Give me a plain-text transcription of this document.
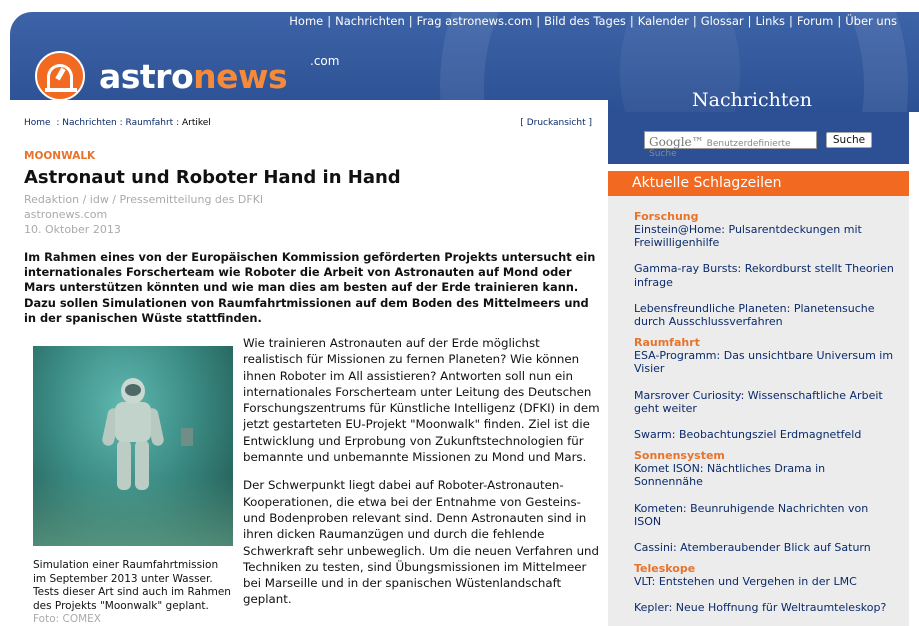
Home | Nachrichten | Frag astronews.com | Bild des Tages | Kalender | Glossar | Links | Forum | Über uns
astronews .com
Nachrichten
Home  : Nachrichten : Raumfahrt : Artikel	[ Druckansicht ]
MOONWALK
Astronaut und Roboter Hand in Hand
Redaktion / idw / Pressemitteilung des DFKI
astronews.com
10. Oktober 2013

Im Rahmen eines von der Europäischen Kommission geförderten Projekts untersucht ein internationales Forscherteam wie Roboter die Arbeit von Astronauten auf Mond oder Mars unterstützen könnten und wie man dies am besten auf der Erde trainieren kann. Dazu sollen Simulationen von Raumfahrtmissionen auf dem Boden des Mittelmeers und in der spanischen Wüste stattfinden.

Simulation einer Raumfahrtmission im September 2013 unter Wasser. Tests dieser Art sind auch im Rahmen des Projekts "Moonwalk" geplant. Foto: COMEX

Wie trainieren Astronauten auf der Erde möglichst realistisch für Missionen zu fernen Planeten? Wie können ihnen Roboter im All assistieren? Antworten soll nun ein internationales Forscherteam unter Leitung des Deutschen Forschungszentrums für Künstliche Intelligenz (DFKI) in dem jetzt gestarteten EU-Projekt "Moonwalk" finden. Ziel ist die Entwicklung und Erprobung von Zukunftstechnologien für bemannte und unbemannte Missionen zu Mond und Mars.

Der Schwerpunkt liegt dabei auf Roboter-Astronauten-Kooperationen, die etwa bei der Entnahme von Gesteins- und Bodenproben relevant sind. Denn Astronauten sind in ihren dicken Raumanzügen und durch die fehlende Schwerkraft sehr unbeweglich. Um die neuen Verfahren und Techniken zu testen, sind Übungsmissionen im Mittelmeer bei Marseille und in der spanischen Wüstenlandschaft geplant.

Google™ Benutzerdefinierte Suche
Suche
Aktuelle Schlagzeilen
Forschung
Einstein@Home: Pulsarentdeckungen mit Freiwilligenhilfe
Gamma-ray Bursts: Rekordburst stellt Theorien infrage
Lebensfreundliche Planeten: Planetensuche durch Ausschlussverfahren
Raumfahrt
ESA-Programm: Das unsichtbare Universum im Visier
Marsrover Curiosity: Wissenschaftliche Arbeit geht weiter
Swarm: Beobachtungsziel Erdmagnetfeld
Sonnensystem
Komet ISON: Nächtliches Drama in Sonnennähe
Kometen: Beunruhigende Nachrichten von ISON
Cassini: Atemberaubender Blick auf Saturn
Teleskope
VLT: Entstehen und Vergehen in der LMC
Kepler: Neue Hoffnung für Weltraumteleskop?
